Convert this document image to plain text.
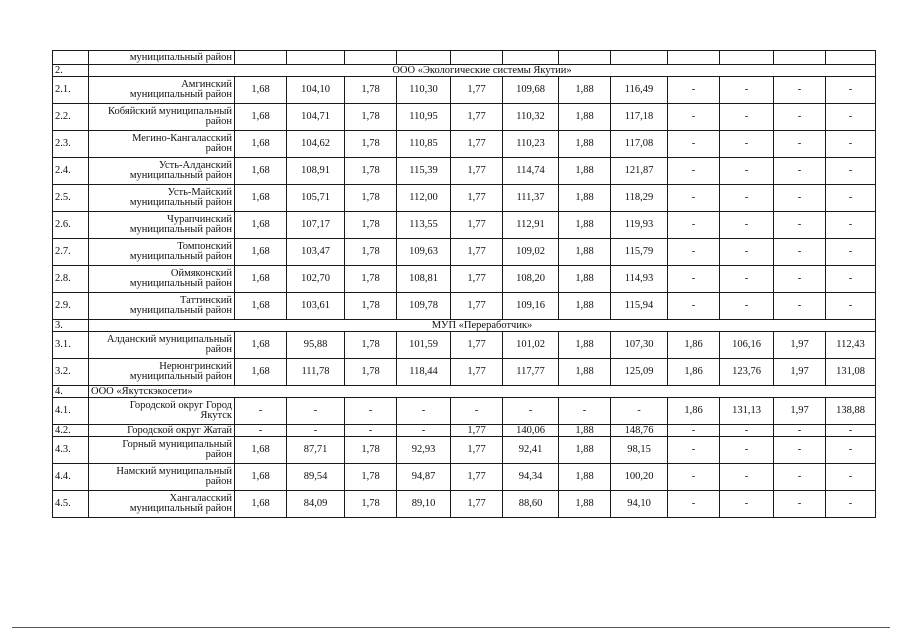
	муниципальный район												
2.	ООО «Экологические системы Якутии»												
2.1.	Амгинский
муниципальный район	1,68	104,10	1,78	110,30	1,77	109,68	1,88	116,49	-	-	-	-
2.2.	Кобяйский муниципальный
район	1,68	104,71	1,78	110,95	1,77	110,32	1,88	117,18	-	-	-	-
2.3.	Мегино-Кангаласский
район	1,68	104,62	1,78	110,85	1,77	110,23	1,88	117,08	-	-	-	-
2.4.	Усть-Алданский
муниципальный район	1,68	108,91	1,78	115,39	1,77	114,74	1,88	121,87	-	-	-	-
2.5.	Усть-Майский
муниципальный район	1,68	105,71	1,78	112,00	1,77	111,37	1,88	118,29	-	-	-	-
2.6.	Чурапчинский
муниципальный район	1,68	107,17	1,78	113,55	1,77	112,91	1,88	119,93	-	-	-	-
2.7.	Томпонский
муниципальный район	1,68	103,47	1,78	109,63	1,77	109,02	1,88	115,79	-	-	-	-
2.8.	Оймяконский
муниципальный район	1,68	102,70	1,78	108,81	1,77	108,20	1,88	114,93	-	-	-	-
2.9.	Таттинский
муниципальный район	1,68	103,61	1,78	109,78	1,77	109,16	1,88	115,94	-	-	-	-
3.	МУП «Переработчик»												
3.1.	Алданский муниципальный
район	1,68	95,88	1,78	101,59	1,77	101,02	1,88	107,30	1,86	106,16	1,97	112,43
3.2.	Нерюнгринский
муниципальный район	1,68	111,78	1,78	118,44	1,77	117,77	1,88	125,09	1,86	123,76	1,97	131,08
4.	ООО «Якутскэкосети»												
4.1.	Городской округ Город
Якутск	-	-	-	-	-	-	-	-	1,86	131,13	1,97	138,88
4.2.	Городской округ Жатай	-	-	-	-	1,77	140,06	1,88	148,76	-	-	-	-
4.3.	Горный муниципальный
район	1,68	87,71	1,78	92,93	1,77	92,41	1,88	98,15	-	-	-	-
4.4.	Намский муниципальный
район	1,68	89,54	1,78	94,87	1,77	94,34	1,88	100,20	-	-	-	-
4.5.	Хангаласский
муниципальный район	1,68	84,09	1,78	89,10	1,77	88,60	1,88	94,10	-	-	-	-
